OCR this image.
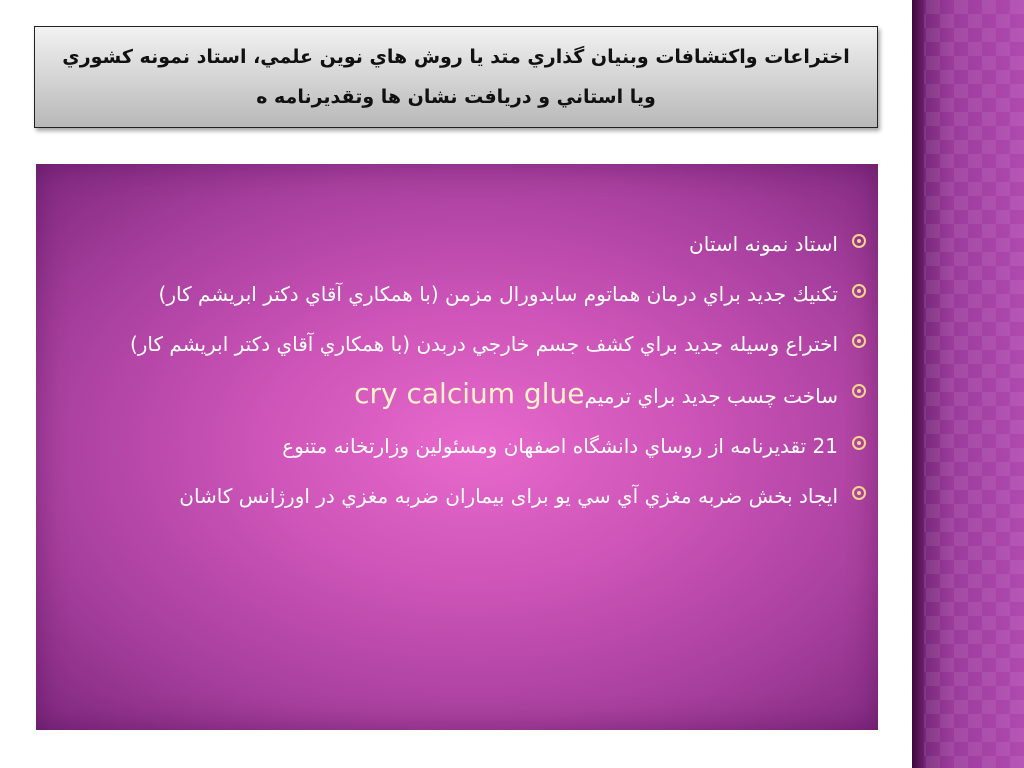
اختراعات واكتشافات وبنيان گذاري متد يا روش هاي نوين علمي، استاد نمونه كشوري ويا استاني و دريافت نشان ها وتقديرنامه ه

استاد نمونه استان
تكنيك جديد براي درمان هماتوم سابدورال مزمن (با همكاري آقاي دكتر ابريشم كار)
اختراع وسيله جديد براي كشف جسم خارجي دربدن (با همكاري آقاي دكتر ابريشم كار)
ساخت چسب جديد براي ترميمcry calcium glue
21 تقديرنامه از روساي دانشگاه اصفهان ومسئولين وزارتخانه متنوع
ايجاد بخش ضربه مغزي آي سي يو براى بيماران ضربه مغزي در اورژانس كاشان
